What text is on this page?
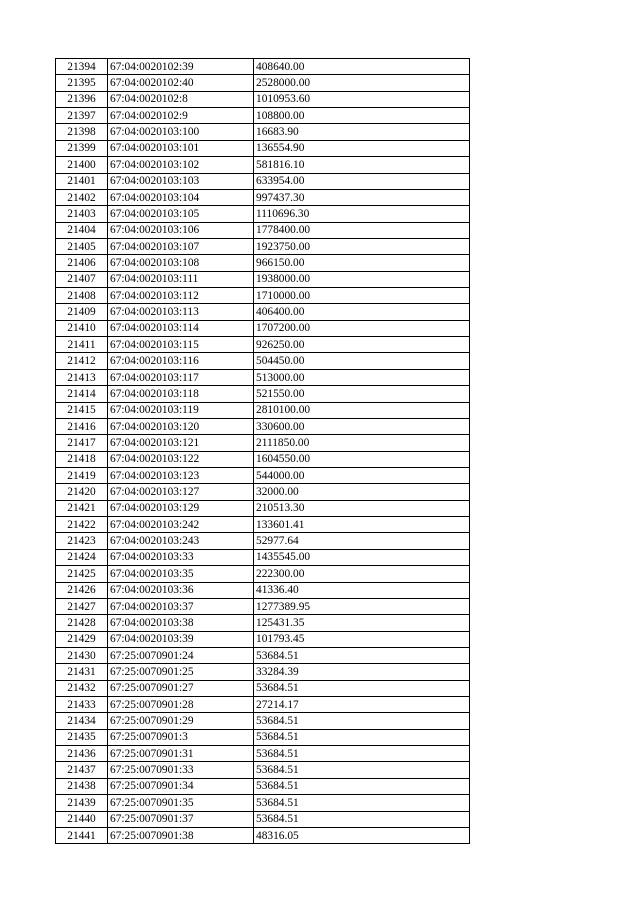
21394	67:04:0020102:39	408640.00
21395	67:04:0020102:40	2528000.00
21396	67:04:0020102:8	1010953.60
21397	67:04:0020102:9	108800.00
21398	67:04:0020103:100	16683.90
21399	67:04:0020103:101	136554.90
21400	67:04:0020103:102	581816.10
21401	67:04:0020103:103	633954.00
21402	67:04:0020103:104	997437.30
21403	67:04:0020103:105	1110696.30
21404	67:04:0020103:106	1778400.00
21405	67:04:0020103:107	1923750.00
21406	67:04:0020103:108	966150.00
21407	67:04:0020103:111	1938000.00
21408	67:04:0020103:112	1710000.00
21409	67:04:0020103:113	406400.00
21410	67:04:0020103:114	1707200.00
21411	67:04:0020103:115	926250.00
21412	67:04:0020103:116	504450.00
21413	67:04:0020103:117	513000.00
21414	67:04:0020103:118	521550.00
21415	67:04:0020103:119	2810100.00
21416	67:04:0020103:120	330600.00
21417	67:04:0020103:121	2111850.00
21418	67:04:0020103:122	1604550.00
21419	67:04:0020103:123	544000.00
21420	67:04:0020103:127	32000.00
21421	67:04:0020103:129	210513.30
21422	67:04:0020103:242	133601.41
21423	67:04:0020103:243	52977.64
21424	67:04:0020103:33	1435545.00
21425	67:04:0020103:35	222300.00
21426	67:04:0020103:36	41336.40
21427	67:04:0020103:37	1277389.95
21428	67:04:0020103:38	125431.35
21429	67:04:0020103:39	101793.45
21430	67:25:0070901:24	53684.51
21431	67:25:0070901:25	33284.39
21432	67:25:0070901:27	53684.51
21433	67:25:0070901:28	27214.17
21434	67:25:0070901:29	53684.51
21435	67:25:0070901:3	53684.51
21436	67:25:0070901:31	53684.51
21437	67:25:0070901:33	53684.51
21438	67:25:0070901:34	53684.51
21439	67:25:0070901:35	53684.51
21440	67:25:0070901:37	53684.51
21441	67:25:0070901:38	48316.05
